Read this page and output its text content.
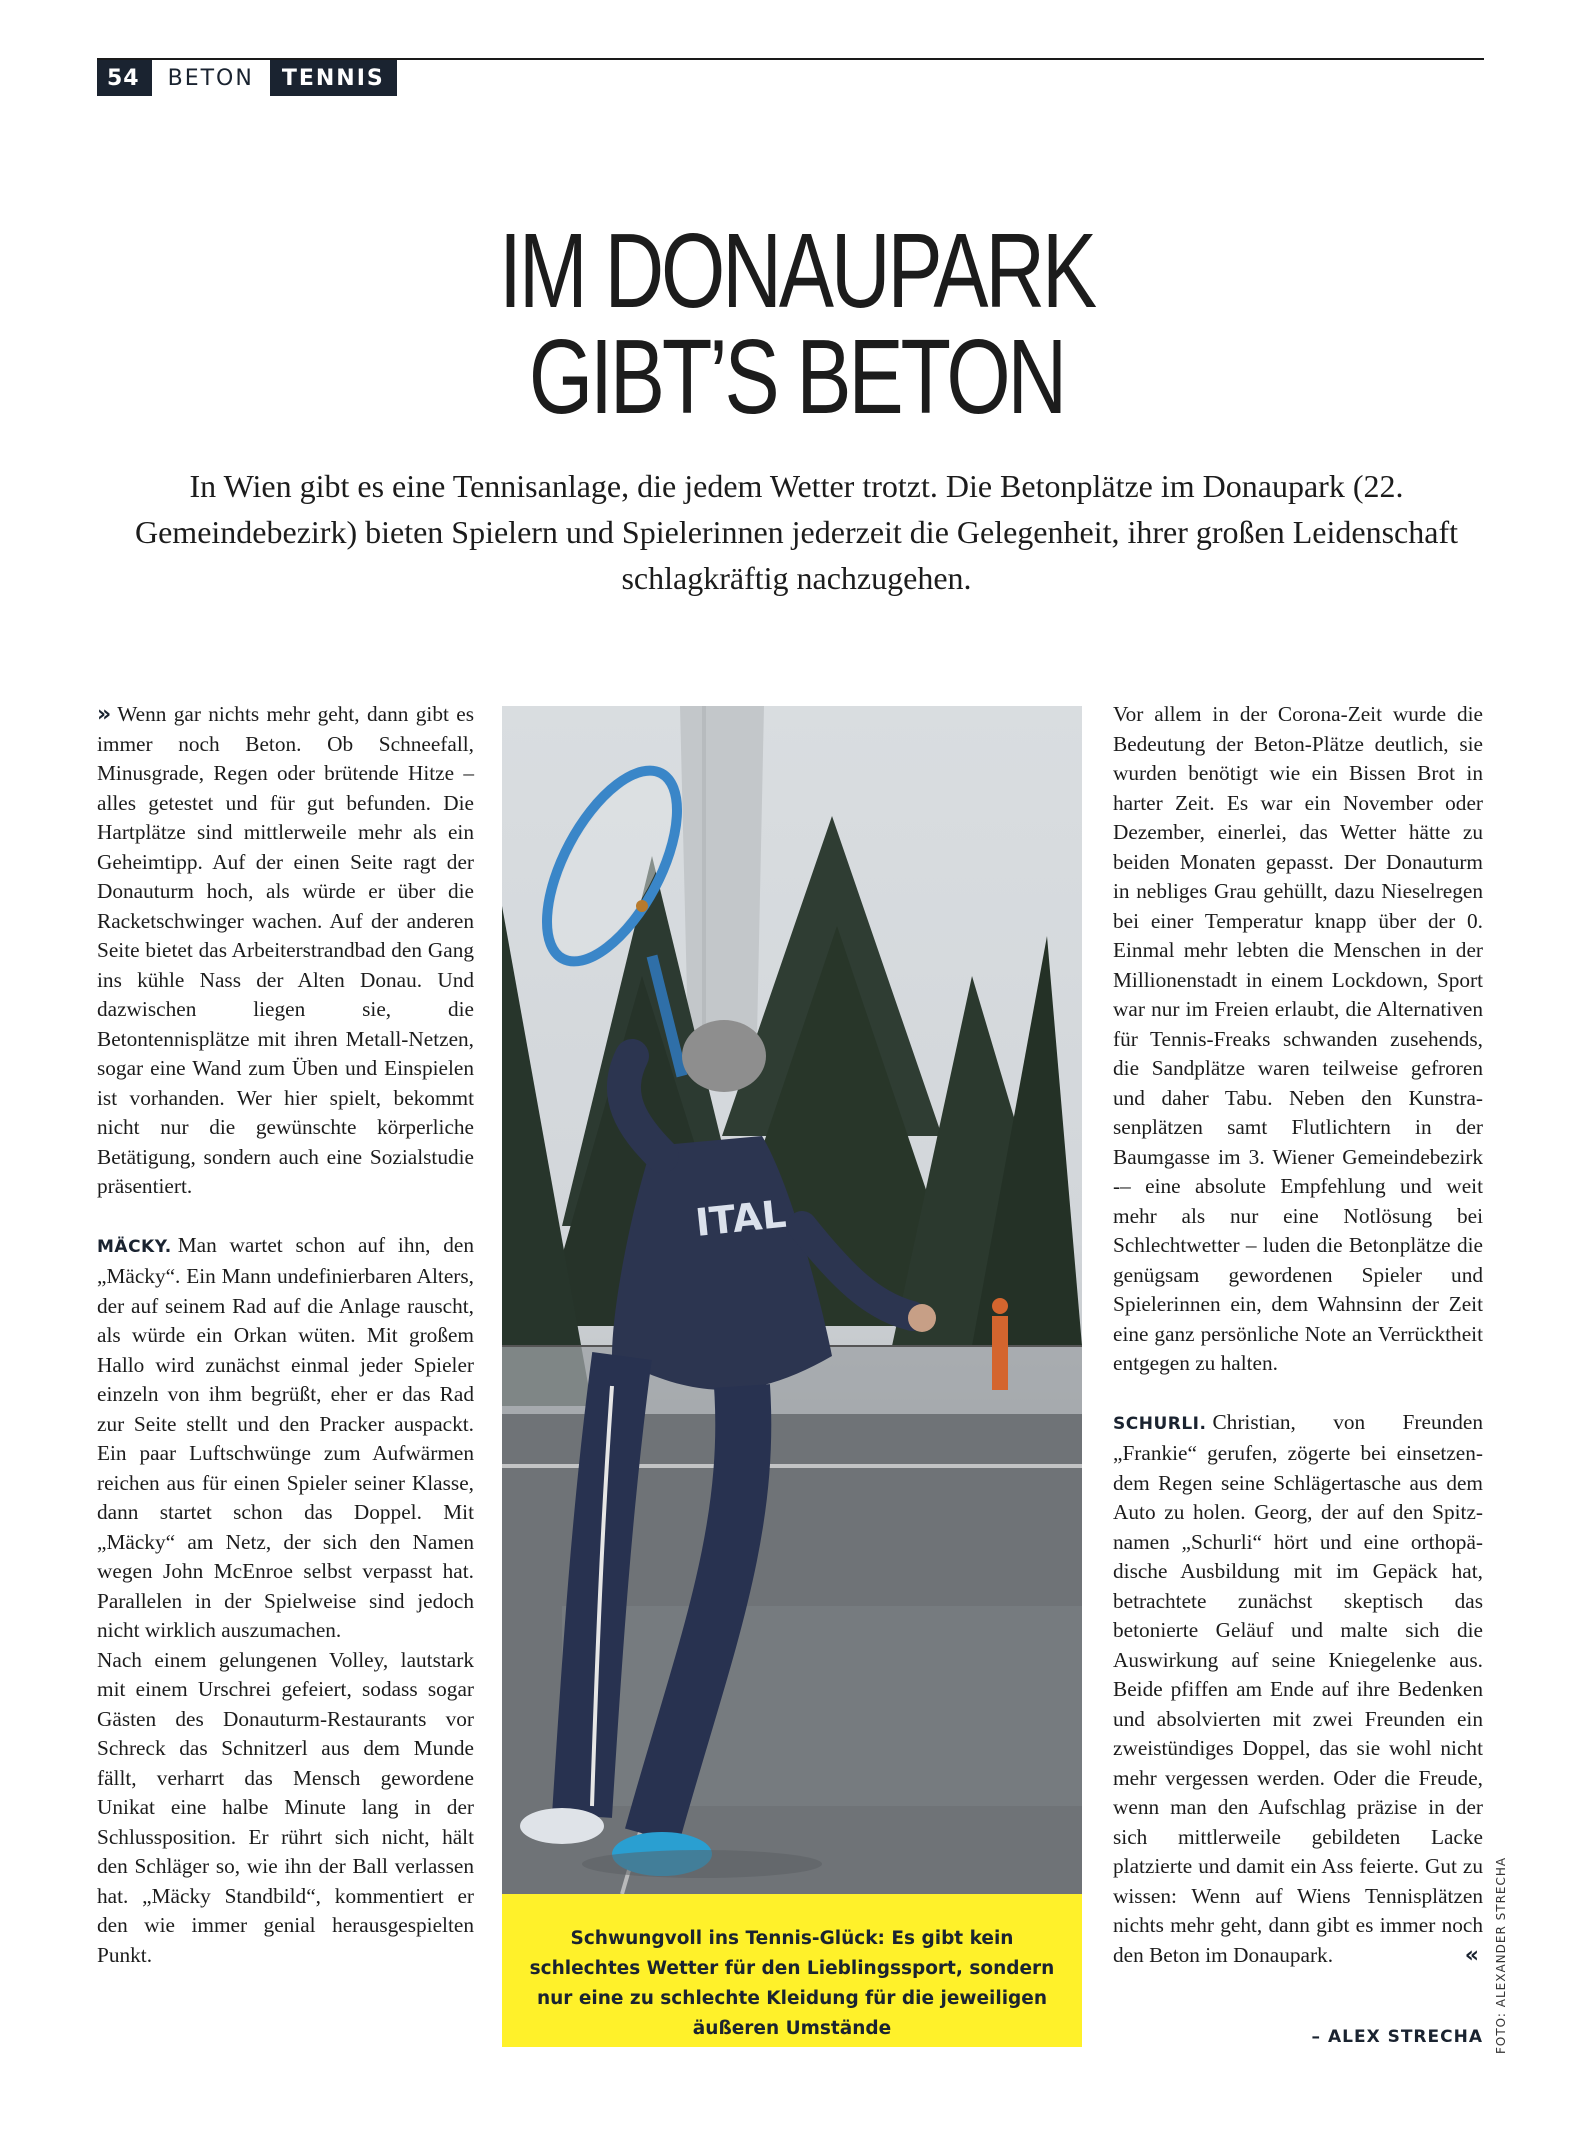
54	BETON	TENNIS
IM DONAUPARK
GIBT’S BETON
In Wien gibt es eine Tennisanlage, die jedem Wetter trotzt. Die Betonplätze im Donaupark (22. Gemeindebezirk) bieten Spielern und Spielerinnen jederzeit die Gelegenheit, ihrer großen Leidenschaft schlagkräftig nachzugehen.

» Wenn gar nichts mehr geht, dann gibt es immer noch Beton. Ob Schneefall, Minusgrade, Regen oder brütende Hitze – alles getestet und für gut befunden. Die Hartplätze sind mittlerweile mehr als ein Geheimtipp. Auf der einen Seite ragt der Donauturm hoch, als würde er über die Racketschwinger wachen. Auf der anderen Seite bietet das Arbeiterstrandbad den Gang ins kühle Nass der Alten Donau. Und dazwischen liegen sie, die Betontennisplätze mit ihren Metall-Netzen, sogar eine Wand zum Üben und Einspielen ist vorhanden. Wer hier spielt, bekommt nicht nur die gewünschte körperliche Betätigung, sondern auch eine Sozialstudie präsentiert.

MÄCKY. Man wartet schon auf ihn, den „Mäcky“. Ein Mann undefinierbaren Alters, der auf seinem Rad auf die Anlage rauscht, als würde ein Orkan wüten. Mit großem Hallo wird zunächst einmal jeder Spieler einzeln von ihm begrüßt, eher er das Rad zur Seite stellt und den Pracker auspackt. Ein paar Luftschwünge zum Aufwärmen reichen aus für einen Spieler seiner Klasse, dann startet schon das Doppel. Mit „Mäcky“ am Netz, der sich den Namen wegen John McEnroe selbst verpasst hat. Parallelen in der Spielweise sind jedoch nicht wirklich auszumachen.

Nach einem gelungenen Volley, lautstark mit einem Urschrei gefeiert, sodass sogar Gästen des Donauturm-Restaurants vor Schreck das Schnitzerl aus dem Munde fällt, verharrt das Mensch gewordene Unikat eine halbe Minute lang in der Schlussposition. Er rührt sich nicht, hält den Schläger so, wie ihn der Ball verlassen hat. „Mäcky Standbild“, kommentiert er den wie immer genial herausgespielten Punkt.

ITAL
Schwungvoll ins Tennis-Glück: Es gibt kein schlechtes Wetter für den Lieblingssport, sondern nur eine zu schlechte Kleidung für die jeweiligen äußeren Umstände	FOTO: ALEXANDER STRECHA

Vor allem in der Corona-Zeit wurde die Bedeutung der Beton-Plätze deutlich, sie wurden benötigt wie ein Bissen Brot in harter Zeit. Es war ein November oder Dezember, einerlei, das Wetter hätte zu beiden Monaten gepasst. Der Donauturm in nebliges Grau gehüllt, dazu Nieselregen bei einer Temperatur knapp über der 0. Einmal mehr lebten die Menschen in der Millionenstadt in einem Lockdown, Sport war nur im Freien erlaubt, die Alternativen für Tennis-Freaks schwanden zusehends, die Sandplätze waren teilweise gefroren und daher Tabu. Neben den Kunstrasenplätzen samt Flutlichtern in der Baumgasse im 3. Wiener Gemeindebezirk -– eine absolute Empfehlung und weit mehr als nur eine Notlösung bei Schlechtwetter – luden die Betonplätze die genügsam gewordenen Spieler und Spielerinnen ein, dem Wahnsinn der Zeit eine ganz persönliche Note an Verrücktheit entgegen zu halten.

SCHURLI. Christian, von Freunden „Frankie“ gerufen, zögerte bei einsetzendem Regen seine Schlägertasche aus dem Auto zu holen. Georg, der auf den Spitznamen „Schurli“ hört und eine orthopädische Ausbildung mit im Gepäck hat, betrachtete zunächst skeptisch das betonierte Geläuf und malte sich die Auswirkung auf seine Kniegelenke aus. Beide pfiffen am Ende auf ihre Bedenken und absolvierten mit zwei Freunden ein zweistündiges Doppel, das sie wohl nicht mehr vergessen werden. Oder die Freude, wenn man den Aufschlag präzise in der sich mittlerweile gebildeten Lacke platzierte und damit ein Ass feierte. Gut zu wissen: Wenn auf Wiens Tennisplätzen nichts mehr geht, dann gibt es immer noch den Beton im Donaupark.	«

– ALEX STRECHA
